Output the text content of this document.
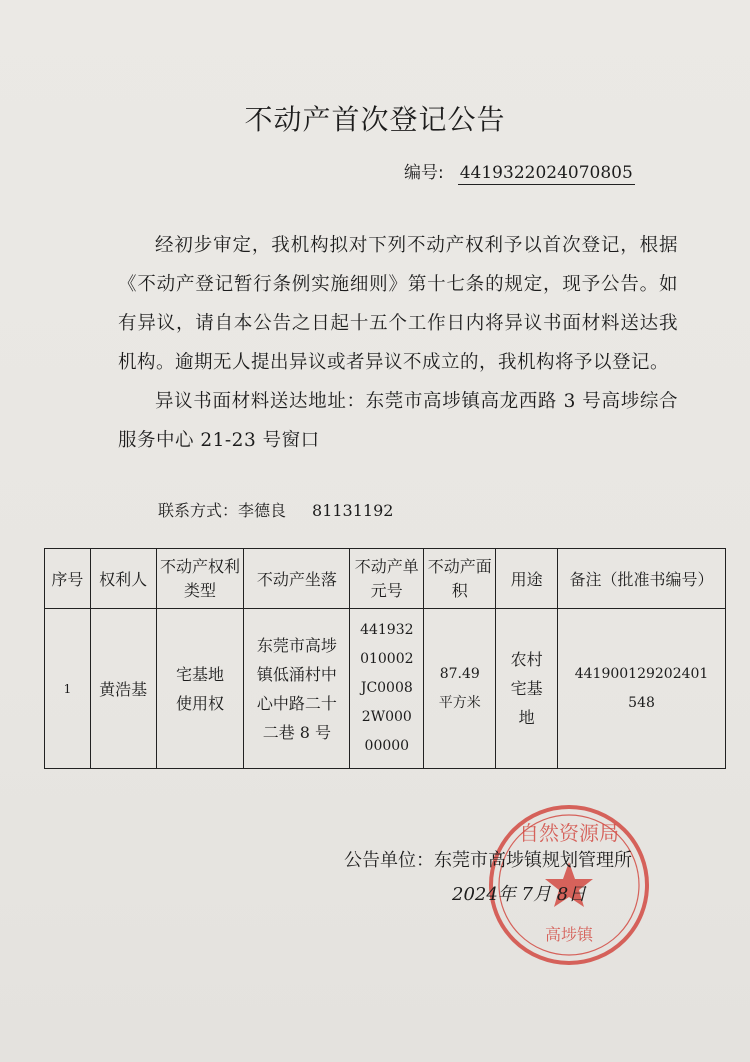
不动产首次登记公告
编号: 4419322024070805

经初步审定，我机构拟对下列不动产权利予以首次登记，根据《不动产登记暂行条例实施细则》第十七条的规定，现予公告。如有异议，请自本公告之日起十五个工作日内将异议书面材料送达我机构。逾期无人提出异议或者异议不成立的，我机构将予以登记。

异议书面材料送达地址：东莞市高埗镇高龙西路 3 号高埗综合服务中心 21-23 号窗口

联系方式：李德良 81131192
序号	权利人	不动产权利类型	不动产坐落	不动产单元号	不动产面积	用途	备注（批准书编号）
1	黄浩基	宅基地使用权	东莞市高埗镇低涌村中心中路二十二巷 8 号	441932010002JC00082W00000000	87.49平方米	农村宅基地	441900129202401548
自然资源局
高埗镇
公告单位：东莞市高埗镇规划管理所
2024年 7月 8日
